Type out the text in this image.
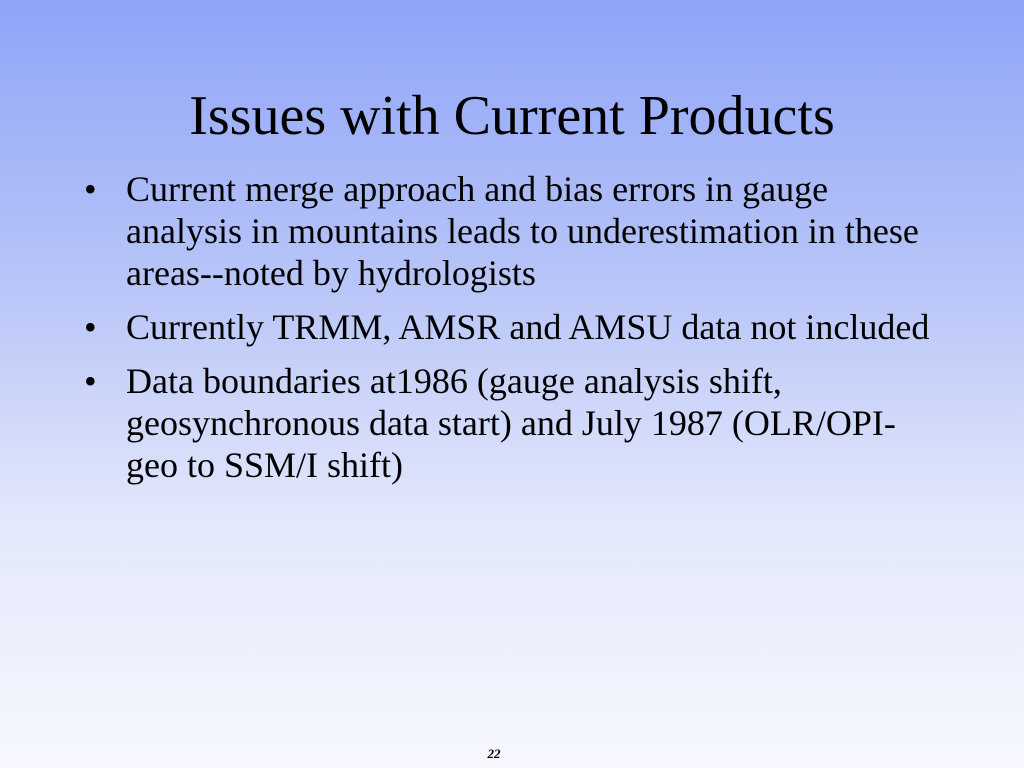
Issues with Current Products
• Current merge approach and bias errors in gauge analysis in mountains leads to underestimation in these areas--noted by hydrologists
• Currently TRMM, AMSR and AMSU data not included
• Data boundaries at1986 (gauge analysis shift, geosynchronous data start) and July 1987 (OLR/OPI-geo to SSM/I shift)
22
